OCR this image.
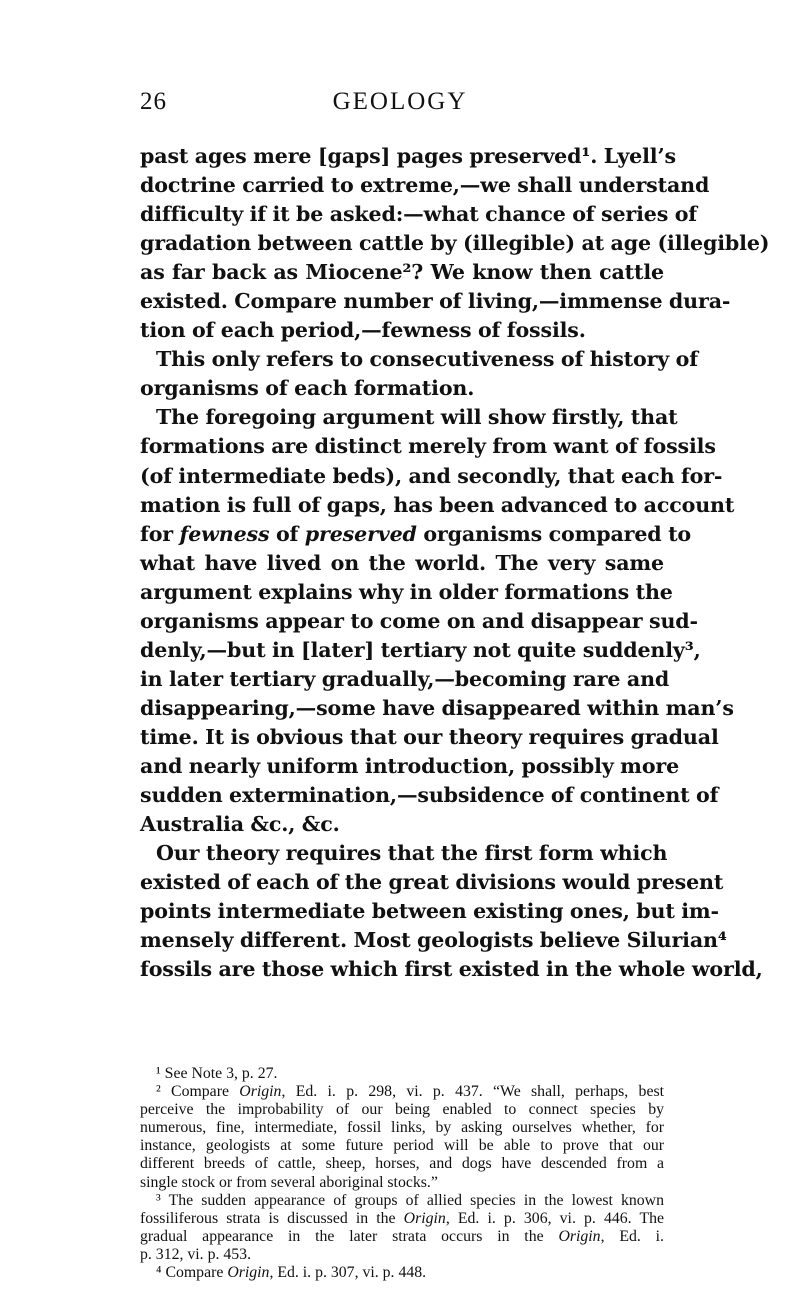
26	GEOLOGY
past ages mere [gaps] pages preserved¹. Lyell’s
doctrine carried to extreme,—we shall understand
difficulty if it be asked:—what chance of series of
gradation between cattle by (illegible) at age (illegible)
as far back as Miocene²? We know then cattle
existed. Compare number of living,—immense dura-
tion of each period,—fewness of fossils.
This only refers to consecutiveness of history of
organisms of each formation.
The foregoing argument will show firstly, that
formations are distinct merely from want of fossils
(of intermediate beds), and secondly, that each for-
mation is full of gaps, has been advanced to account
for fewness of preserved organisms compared to
what have lived on the world. The very same
argument explains why in older formations the
organisms appear to come on and disappear sud-
denly,—but in [later] tertiary not quite suddenly³,
in later tertiary gradually,—becoming rare and
disappearing,—some have disappeared within man’s
time. It is obvious that our theory requires gradual
and nearly uniform introduction, possibly more
sudden extermination,—subsidence of continent of
Australia &c., &c.
Our theory requires that the first form which
existed of each of the great divisions would present
points intermediate between existing ones, but im-
mensely different. Most geologists believe Silurian⁴
fossils are those which first existed in the whole world,
¹ See Note 3, p. 27.
² Compare Origin, Ed. i. p. 298, vi. p. 437. “We shall, perhaps, best
perceive the improbability of our being enabled to connect species by
numerous, fine, intermediate, fossil links, by asking ourselves whether, for
instance, geologists at some future period will be able to prove that our
different breeds of cattle, sheep, horses, and dogs have descended from a
single stock or from several aboriginal stocks.”
³ The sudden appearance of groups of allied species in the lowest known
fossiliferous strata is discussed in the Origin, Ed. i. p. 306, vi. p. 446. The
gradual appearance in the later strata occurs in the Origin, Ed. i.
p. 312, vi. p. 453.
⁴ Compare Origin, Ed. i. p. 307, vi. p. 448.
